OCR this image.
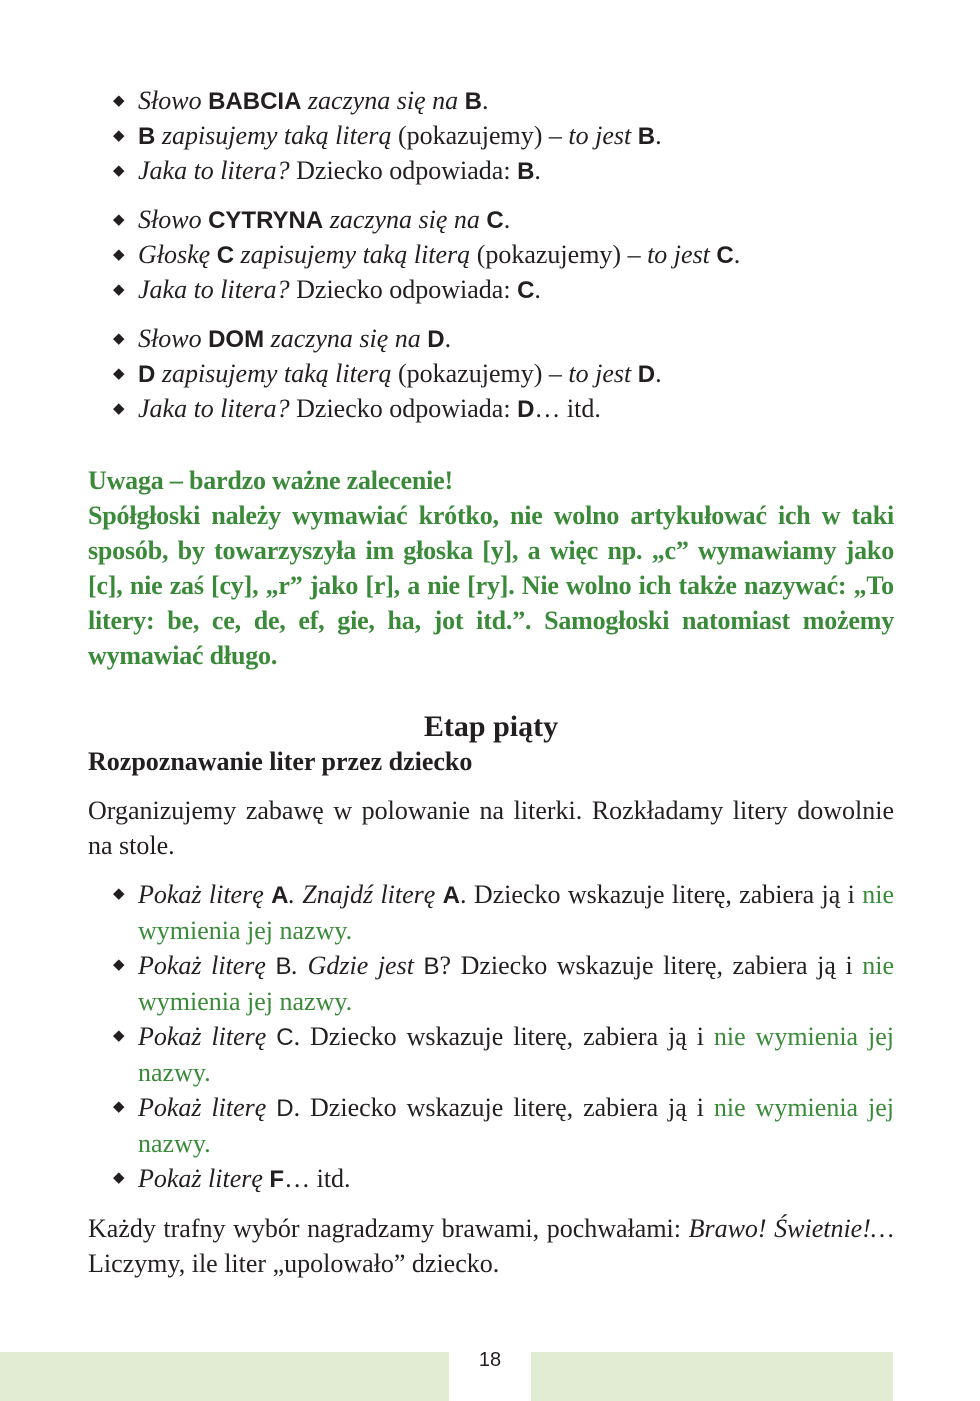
◆ Słowo BABCIA zaczyna się na B.
◆ B zapisujemy taką literą (pokazujemy) – to jest B.
◆ Jaka to litera? Dziecko odpowiada: B.
◆ Słowo CYTRYNA zaczyna się na C.
◆ Głoskę C zapisujemy taką literą (pokazujemy) – to jest C.
◆ Jaka to litera? Dziecko odpowiada: C.
◆ Słowo DOM zaczyna się na D.
◆ D zapisujemy taką literą (pokazujemy) – to jest D.
◆ Jaka to litera? Dziecko odpowiada: D… itd.

Uwaga – bardzo ważne zalecenie!

Spółgłoski należy wymawiać krótko, nie wolno artykułować ich w taki sposób, by towarzyszyła im głoska [y], a więc np. „c” wymawiamy jako [c], nie zaś [cy], „r” jako [r], a nie [ry]. Nie wolno ich także nazywać: „To litery: be, ce, de, ef, gie, ha, jot itd.”. Samogłoski natomiast możemy wymawiać długo.

Etap piąty
Rozpoznawanie liter przez dziecko

Organizujemy zabawę w polowanie na literki. Rozkładamy litery dowolnie na stole.

◆ Pokaż literę A. Znajdź literę A. Dziecko wskazuje literę, zabiera ją i nie wymienia jej nazwy.
◆ Pokaż literę B. Gdzie jest B? Dziecko wskazuje literę, zabiera ją i nie wymienia jej nazwy.
◆ Pokaż literę C. Dziecko wskazuje literę, zabiera ją i nie wymienia jej nazwy.
◆ Pokaż literę D. Dziecko wskazuje literę, zabiera ją i nie wymienia jej nazwy.
◆ Pokaż literę F… itd.

Każdy trafny wybór nagradzamy brawami, pochwałami: Brawo! Świetnie!… Liczymy, ile liter „upolowało” dziecko.

18
